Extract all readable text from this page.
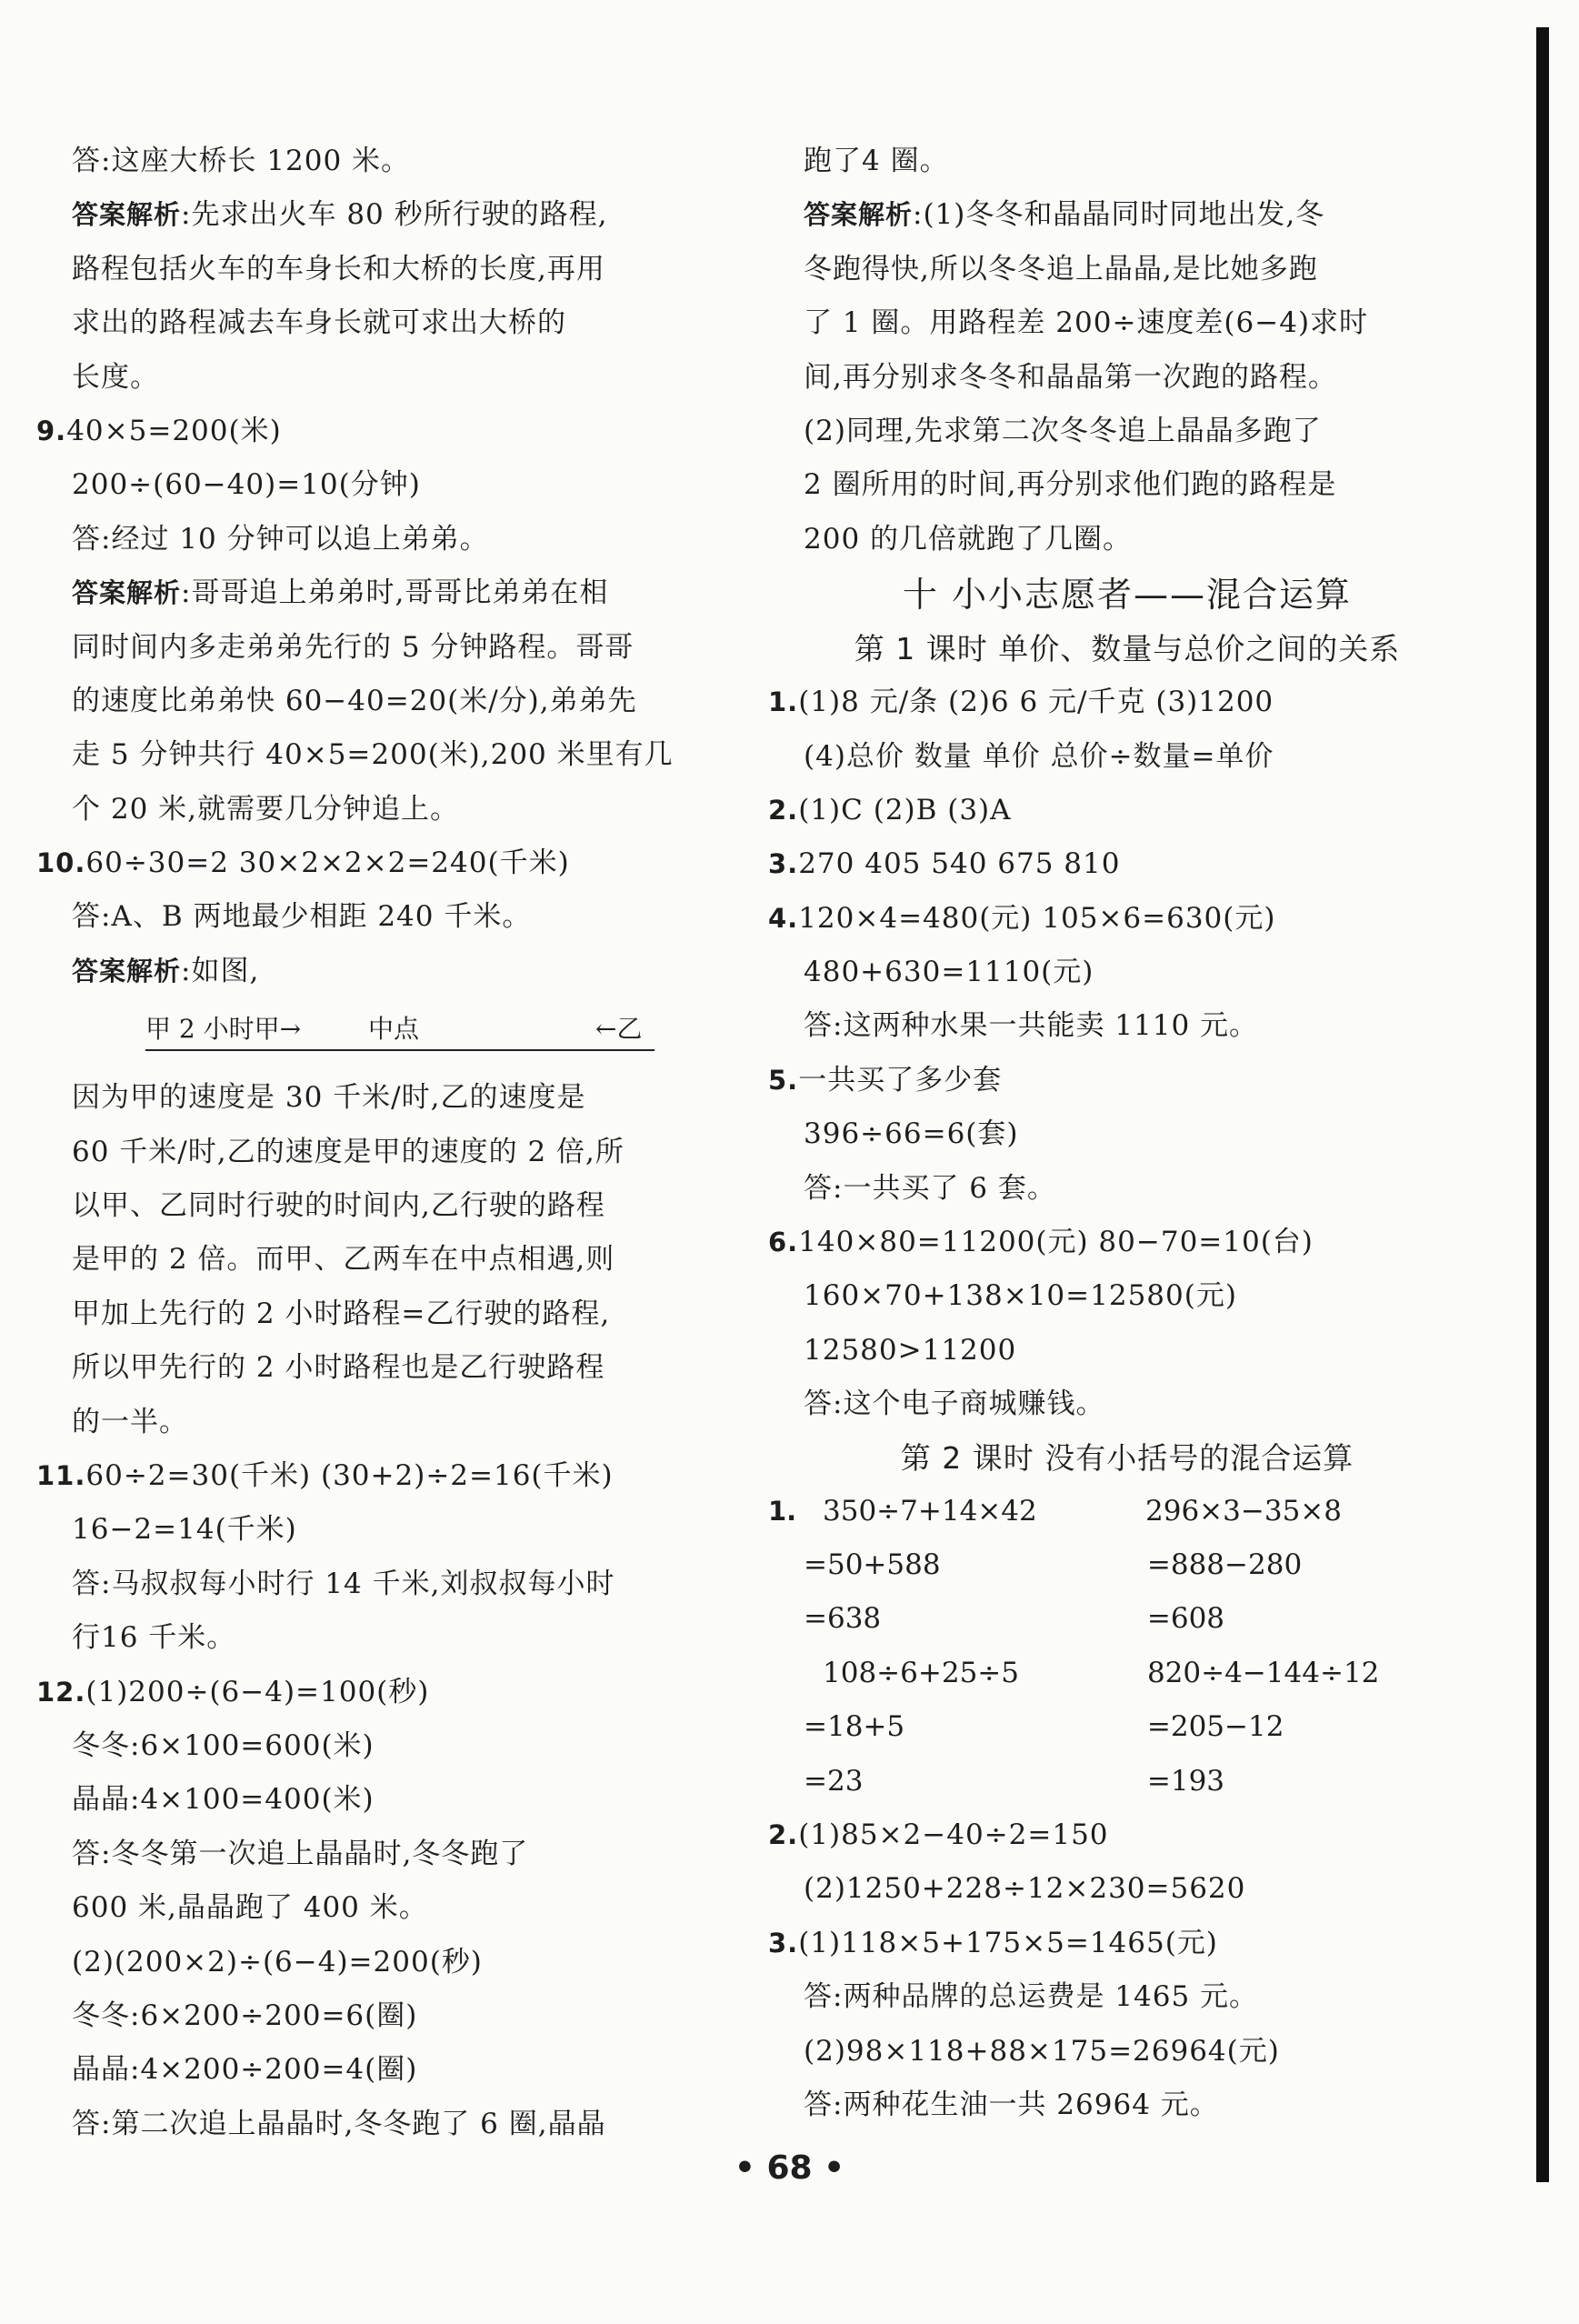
答:这座大桥长 1200 米。
答案解析:先求出火车 80 秒所行驶的路程,
路程包括火车的车身长和大桥的长度,再用
求出的路程减去车身长就可求出大桥的
长度。
9.40×5=200(米)
200÷(60−40)=10(分钟)
答:经过 10 分钟可以追上弟弟。
答案解析:哥哥追上弟弟时,哥哥比弟弟在相
同时间内多走弟弟先行的 5 分钟路程。哥哥
的速度比弟弟快 60−40=20(米/分),弟弟先
走 5 分钟共行 40×5=200(米),200 米里有几
个 20 米,就需要几分钟追上。
10.60÷30=2 30×2×2×2=240(千米)
答:A、B 两地最少相距 240 千米。
答案解析:如图,
甲 2 小时甲→	中点	←乙
因为甲的速度是 30 千米/时,乙的速度是
60 千米/时,乙的速度是甲的速度的 2 倍,所
以甲、乙同时行驶的时间内,乙行驶的路程
是甲的 2 倍。而甲、乙两车在中点相遇,则
甲加上先行的 2 小时路程=乙行驶的路程,
所以甲先行的 2 小时路程也是乙行驶路程
的一半。
11.60÷2=30(千米) (30+2)÷2=16(千米)
16−2=14(千米)
答:马叔叔每小时行 14 千米,刘叔叔每小时
行16 千米。
12.(1)200÷(6−4)=100(秒)
冬冬:6×100=600(米)
晶晶:4×100=400(米)
答:冬冬第一次追上晶晶时,冬冬跑了
600 米,晶晶跑了 400 米。
(2)(200×2)÷(6−4)=200(秒)
冬冬:6×200÷200=6(圈)
晶晶:4×200÷200=4(圈)
答:第二次追上晶晶时,冬冬跑了 6 圈,晶晶
跑了4 圈。
答案解析:(1)冬冬和晶晶同时同地出发,冬
冬跑得快,所以冬冬追上晶晶,是比她多跑
了 1 圈。用路程差 200÷速度差(6−4)求时
间,再分别求冬冬和晶晶第一次跑的路程。
(2)同理,先求第二次冬冬追上晶晶多跑了
2 圈所用的时间,再分别求他们跑的路程是
200 的几倍就跑了几圈。
十 小小志愿者——混合运算
第 1 课时 单价、数量与总价之间的关系
1.(1)8 元/条 (2)6 6 元/千克 (3)1200
(4)总价 数量 单价 总价÷数量=单价
2.(1)C (2)B (3)A
3.270 405 540 675 810
4.120×4=480(元) 105×6=630(元)
480+630=1110(元)
答:这两种水果一共能卖 1110 元。
5.一共买了多少套
396÷66=6(套)
答:一共买了 6 套。
6.140×80=11200(元) 80−70=10(台)
160×70+138×10=12580(元)
12580>11200
答:这个电子商城赚钱。
第 2 课时 没有小括号的混合运算
1. 350÷7+14×42	296×3−35×8
=50+588	=888−280
=638	=608
108÷6+25÷5	820÷4−144÷12
=18+5	=205−12
=23	=193
2.(1)85×2−40÷2=150
(2)1250+228÷12×230=5620
3.(1)118×5+175×5=1465(元)
答:两种品牌的总运费是 1465 元。
(2)98×118+88×175=26964(元)
答:两种花生油一共 26964 元。
• 68 •
